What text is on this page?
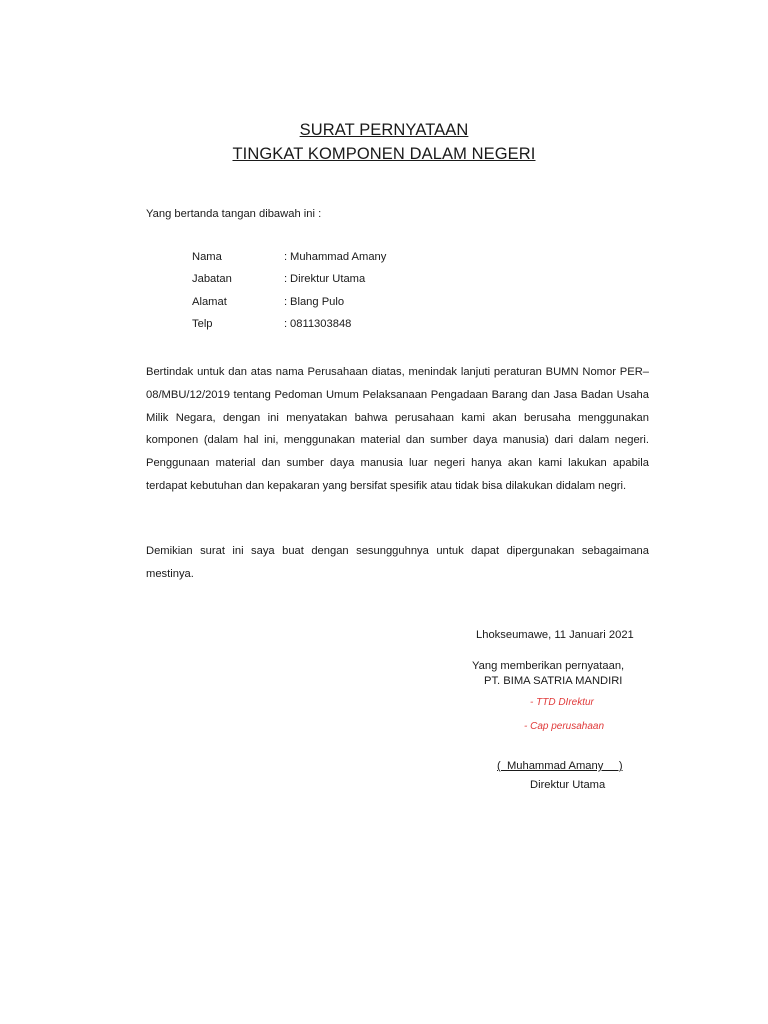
SURAT PERNYATAAN
TINGKAT KOMPONEN DALAM NEGERI
Yang bertanda tangan dibawah ini :
Nama	: Muhammad Amany
Jabatan	: Direktur Utama
Alamat	: Blang Pulo
Telp	: 0811303848
Bertindak untuk dan atas nama Perusahaan diatas, menindak lanjuti peraturan BUMN Nomor PER–08/MBU/12/2019 tentang Pedoman Umum Pelaksanaan Pengadaan Barang dan Jasa Badan Usaha Milik Negara, dengan ini menyatakan bahwa perusahaan kami akan berusaha menggunakan komponen (dalam hal ini, menggunakan material dan sumber daya manusia) dari dalam negeri. Penggunaan material dan sumber daya manusia luar negeri hanya akan kami lakukan apabila terdapat kebutuhan dan kepakaran yang bersifat spesifik atau tidak bisa dilakukan didalam negri.
Demikian surat ini saya buat dengan sesungguhnya untuk dapat dipergunakan sebagaimana mestinya.
Lhokseumawe, 11 Januari 2021
Yang memberikan pernyataan,
PT. BIMA SATRIA MANDIRI
- TTD DIrektur
- Cap perusahaan
(  Muhammad Amany     )
Direktur Utama
